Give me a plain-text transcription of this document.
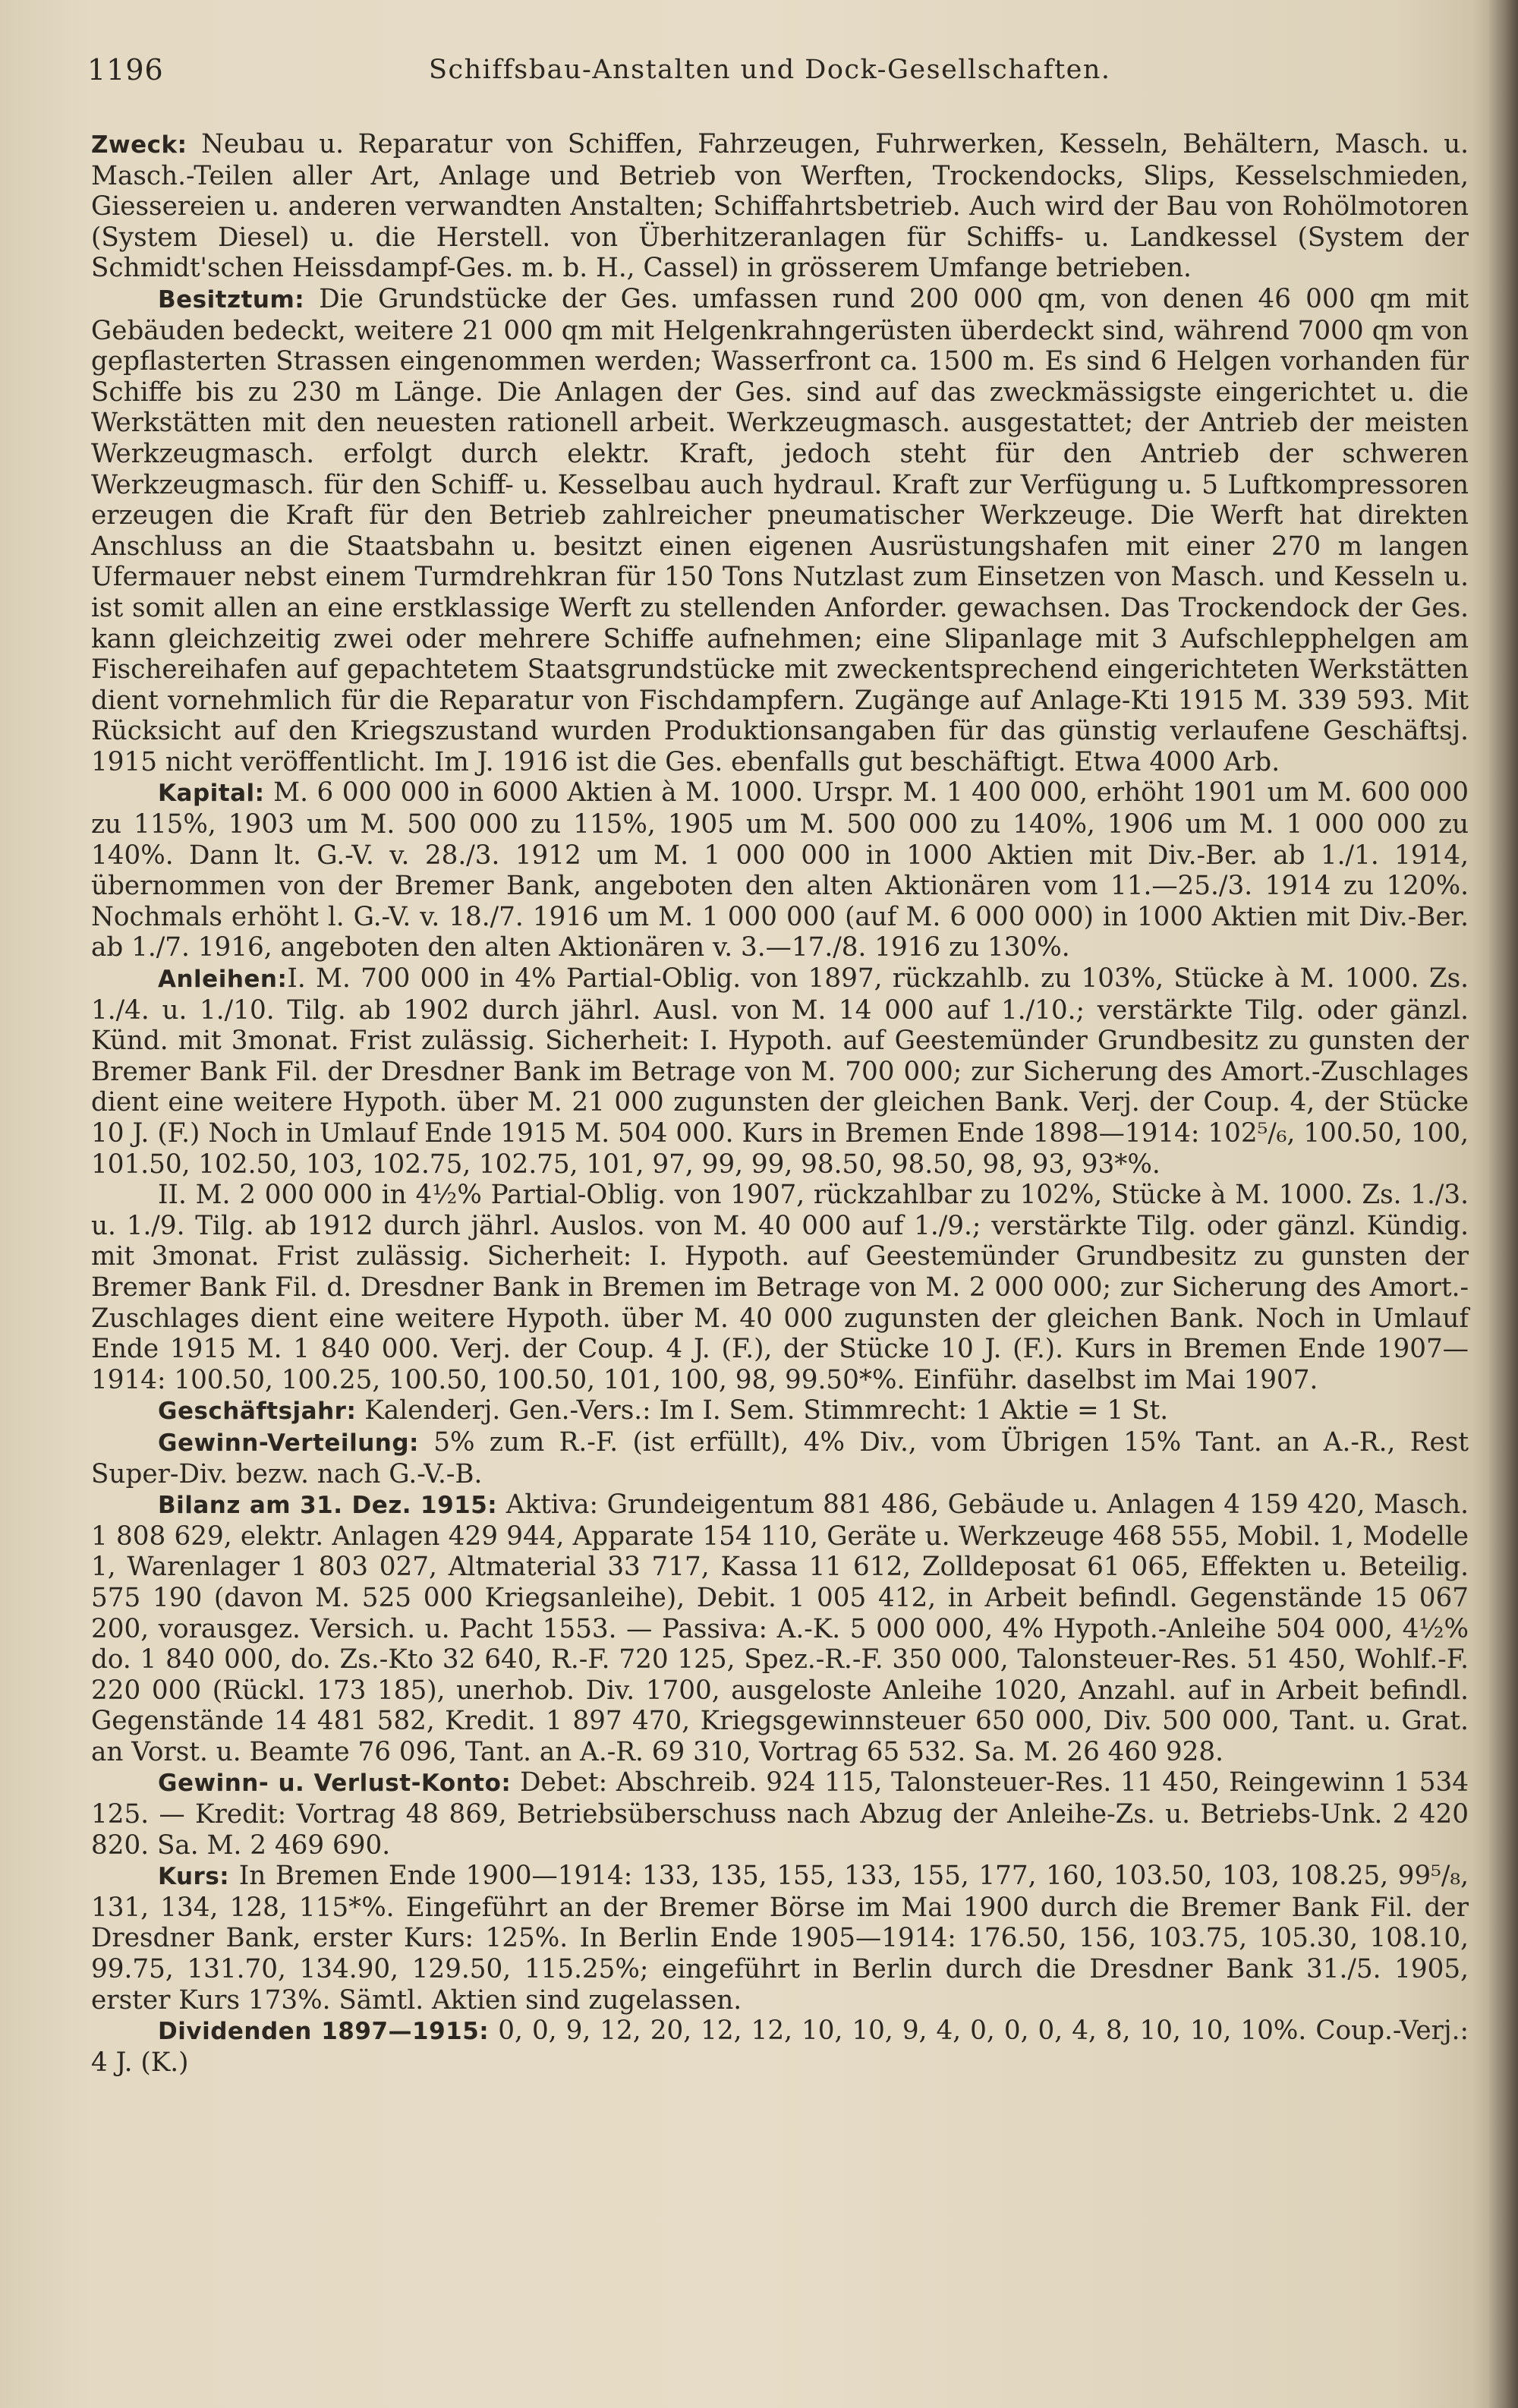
1196	Schiffsbau-Anstalten und Dock-Gesellschaften.

Zweck: Neubau u. Reparatur von Schiffen, Fahrzeugen, Fuhrwerken, Kesseln, Behältern, Masch. u. Masch.-Teilen aller Art, Anlage und Betrieb von Werften, Trockendocks, Slips, Kesselschmieden, Giessereien u. anderen verwandten Anstalten; Schiffahrtsbetrieb. Auch wird der Bau von Rohölmotoren (System Diesel) u. die Herstell. von Überhitzeranlagen für Schiffs- u. Landkessel (System der Schmidt'schen Heissdampf-Ges. m. b. H., Cassel) in grösserem Umfange betrieben.

Besitztum: Die Grundstücke der Ges. umfassen rund 200 000 qm, von denen 46 000 qm mit Gebäuden bedeckt, weitere 21 000 qm mit Helgenkrahngerüsten überdeckt sind, während 7000 qm von gepflasterten Strassen eingenommen werden; Wasserfront ca. 1500 m. Es sind 6 Helgen vorhanden für Schiffe bis zu 230 m Länge. Die Anlagen der Ges. sind auf das zweckmässigste eingerichtet u. die Werkstätten mit den neuesten rationell arbeit. Werkzeugmasch. ausgestattet; der Antrieb der meisten Werkzeugmasch. erfolgt durch elektr. Kraft, jedoch steht für den Antrieb der schweren Werkzeugmasch. für den Schiff- u. Kesselbau auch hydraul. Kraft zur Verfügung u. 5 Luftkompressoren erzeugen die Kraft für den Betrieb zahlreicher pneumatischer Werkzeuge. Die Werft hat direkten Anschluss an die Staatsbahn u. besitzt einen eigenen Ausrüstungshafen mit einer 270 m langen Ufermauer nebst einem Turmdrehkran für 150 Tons Nutzlast zum Einsetzen von Masch. und Kesseln u. ist somit allen an eine erstklassige Werft zu stellenden Anforder. gewachsen. Das Trockendock der Ges. kann gleichzeitig zwei oder mehrere Schiffe aufnehmen; eine Slipanlage mit 3 Aufschlepphelgen am Fischereihafen auf gepachtetem Staatsgrundstücke mit zweckentsprechend eingerichteten Werkstätten dient vornehmlich für die Reparatur von Fischdampfern. Zugänge auf Anlage-Kti 1915 M. 339 593. Mit Rücksicht auf den Kriegszustand wurden Produktionsangaben für das günstig verlaufene Geschäftsj. 1915 nicht veröffentlicht. Im J. 1916 ist die Ges. ebenfalls gut beschäftigt. Etwa 4000 Arb.

Kapital: M. 6 000 000 in 6000 Aktien à M. 1000. Urspr. M. 1 400 000, erhöht 1901 um M. 600 000 zu 115%, 1903 um M. 500 000 zu 115%, 1905 um M. 500 000 zu 140%, 1906 um M. 1 000 000 zu 140%. Dann lt. G.-V. v. 28./3. 1912 um M. 1 000 000 in 1000 Aktien mit Div.-Ber. ab 1./1. 1914, übernommen von der Bremer Bank, angeboten den alten Aktionären vom 11.—25./3. 1914 zu 120%. Nochmals erhöht l. G.-V. v. 18./7. 1916 um M. 1 000 000 (auf M. 6 000 000) in 1000 Aktien mit Div.-Ber. ab 1./7. 1916, angeboten den alten Aktionären v. 3.—17./8. 1916 zu 130%.

Anleihen:I. M. 700 000 in 4% Partial-Oblig. von 1897, rückzahlb. zu 103%, Stücke à M. 1000. Zs. 1./4. u. 1./10. Tilg. ab 1902 durch jährl. Ausl. von M. 14 000 auf 1./10.; verstärkte Tilg. oder gänzl. Künd. mit 3monat. Frist zulässig. Sicherheit: I. Hypoth. auf Geestemünder Grundbesitz zu gunsten der Bremer Bank Fil. der Dresdner Bank im Betrage von M. 700 000; zur Sicherung des Amort.-Zuschlages dient eine weitere Hypoth. über M. 21 000 zugunsten der gleichen Bank. Verj. der Coup. 4, der Stücke 10 J. (F.) Noch in Umlauf Ende 1915 M. 504 000. Kurs in Bremen Ende 1898—1914: 102⁵/₆, 100.50, 100, 101.50, 102.50, 103, 102.75, 102.75, 101, 97, 99, 99, 98.50, 98.50, 98, 93, 93*%.

II. M. 2 000 000 in 4½% Partial-Oblig. von 1907, rückzahlbar zu 102%, Stücke à M. 1000. Zs. 1./3. u. 1./9. Tilg. ab 1912 durch jährl. Auslos. von M. 40 000 auf 1./9.; verstärkte Tilg. oder gänzl. Kündig. mit 3monat. Frist zulässig. Sicherheit: I. Hypoth. auf Geestemünder Grundbesitz zu gunsten der Bremer Bank Fil. d. Dresdner Bank in Bremen im Betrage von M. 2 000 000; zur Sicherung des Amort.-Zuschlages dient eine weitere Hypoth. über M. 40 000 zugunsten der gleichen Bank. Noch in Umlauf Ende 1915 M. 1 840 000. Verj. der Coup. 4 J. (F.), der Stücke 10 J. (F.). Kurs in Bremen Ende 1907—1914: 100.50, 100.25, 100.50, 100.50, 101, 100, 98, 99.50*%. Einführ. daselbst im Mai 1907.

Geschäftsjahr: Kalenderj. Gen.-Vers.: Im I. Sem. Stimmrecht: 1 Aktie = 1 St.

Gewinn-Verteilung: 5% zum R.-F. (ist erfüllt), 4% Div., vom Übrigen 15% Tant. an A.-R., Rest Super-Div. bezw. nach G.-V.-B.

Bilanz am 31. Dez. 1915: Aktiva: Grundeigentum 881 486, Gebäude u. Anlagen 4 159 420, Masch. 1 808 629, elektr. Anlagen 429 944, Apparate 154 110, Geräte u. Werkzeuge 468 555, Mobil. 1, Modelle 1, Warenlager 1 803 027, Altmaterial 33 717, Kassa 11 612, Zolldeposat 61 065, Effekten u. Beteilig. 575 190 (davon M. 525 000 Kriegsanleihe), Debit. 1 005 412, in Arbeit befindl. Gegenstände 15 067 200, vorausgez. Versich. u. Pacht 1553. — Passiva: A.-K. 5 000 000, 4% Hypoth.-Anleihe 504 000, 4½% do. 1 840 000, do. Zs.-Kto 32 640, R.-F. 720 125, Spez.-R.-F. 350 000, Talonsteuer-Res. 51 450, Wohlf.-F. 220 000 (Rückl. 173 185), unerhob. Div. 1700, ausgeloste Anleihe 1020, Anzahl. auf in Arbeit befindl. Gegenstände 14 481 582, Kredit. 1 897 470, Kriegsgewinnsteuer 650 000, Div. 500 000, Tant. u. Grat. an Vorst. u. Beamte 76 096, Tant. an A.-R. 69 310, Vortrag 65 532. Sa. M. 26 460 928.

Gewinn- u. Verlust-Konto: Debet: Abschreib. 924 115, Talonsteuer-Res. 11 450, Reingewinn 1 534 125. — Kredit: Vortrag 48 869, Betriebsüberschuss nach Abzug der Anleihe-Zs. u. Betriebs-Unk. 2 420 820. Sa. M. 2 469 690.

Kurs: In Bremen Ende 1900—1914: 133, 135, 155, 133, 155, 177, 160, 103.50, 103, 108.25, 99⁵/₈, 131, 134, 128, 115*%. Eingeführt an der Bremer Börse im Mai 1900 durch die Bremer Bank Fil. der Dresdner Bank, erster Kurs: 125%. In Berlin Ende 1905—1914: 176.50, 156, 103.75, 105.30, 108.10, 99.75, 131.70, 134.90, 129.50, 115.25%; eingeführt in Berlin durch die Dresdner Bank 31./5. 1905, erster Kurs 173%. Sämtl. Aktien sind zugelassen.

Dividenden 1897—1915: 0, 0, 9, 12, 20, 12, 12, 10, 10, 9, 4, 0, 0, 0, 4, 8, 10, 10, 10%. Coup.-Verj.: 4 J. (K.)
